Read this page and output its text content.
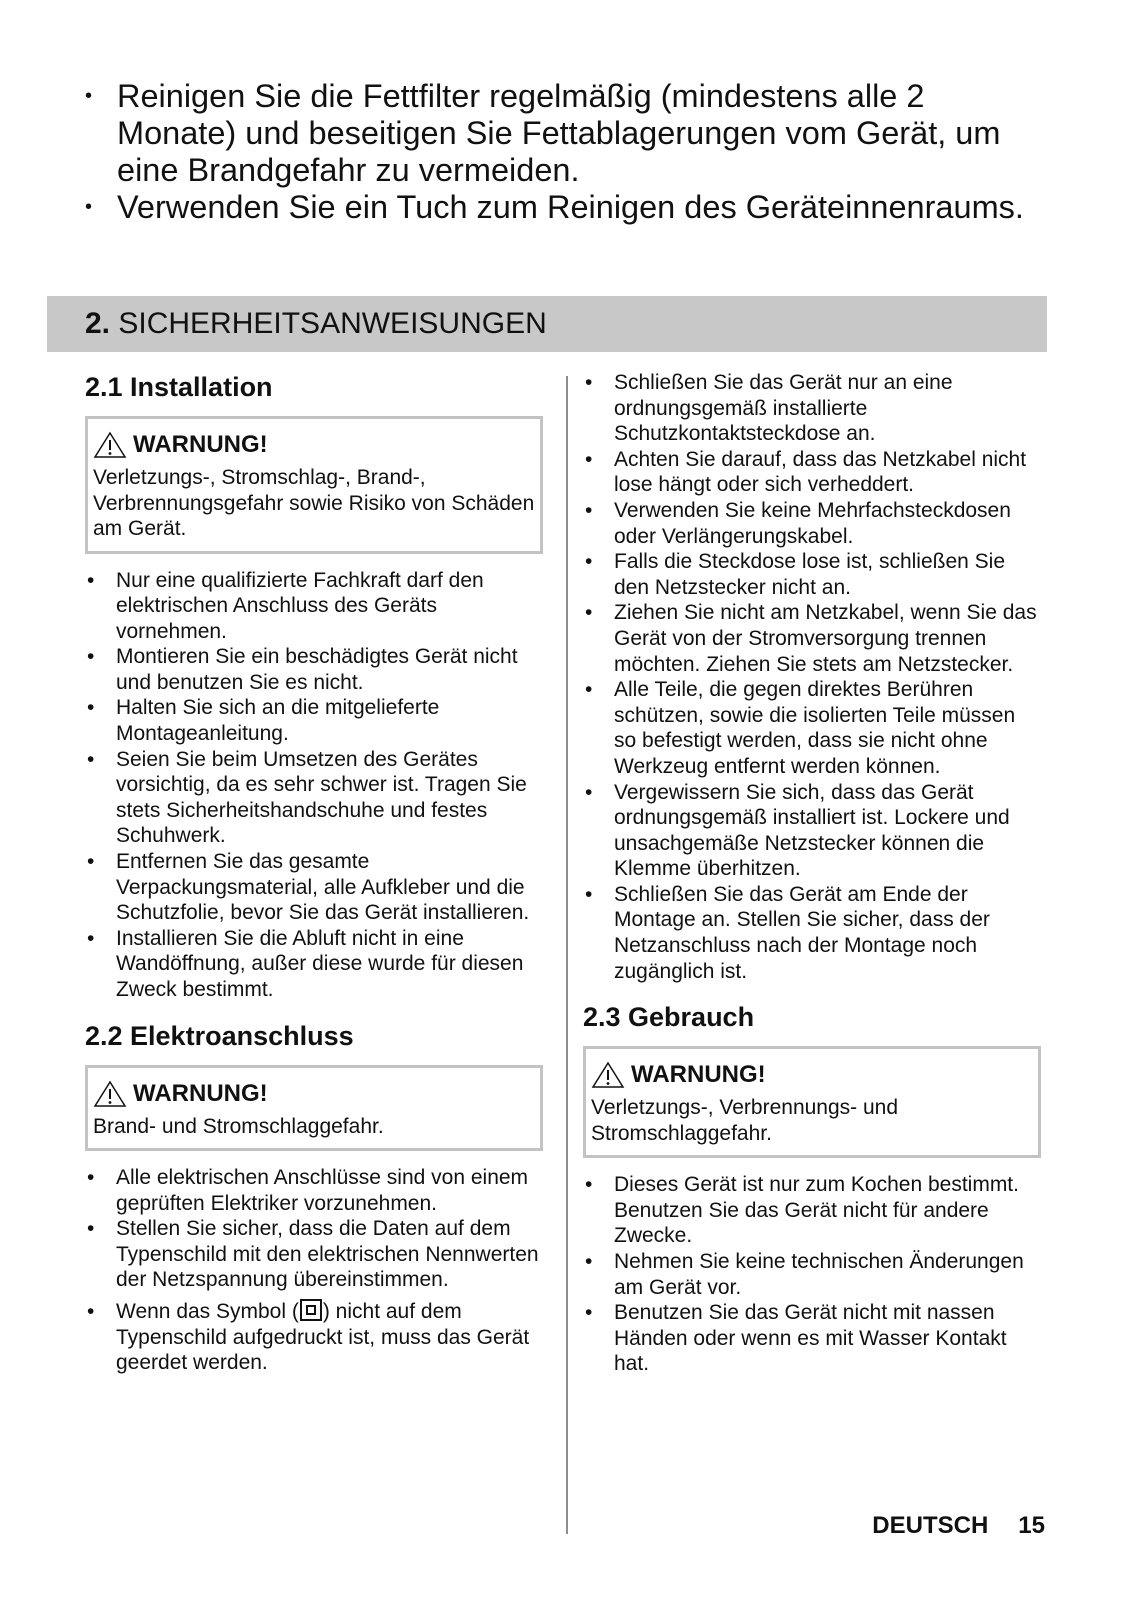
• Reinigen Sie die Fettfilter regelmäßig (mindestens alle 2 Monate) und beseitigen Sie Fettablagerungen vom Gerät, um eine Brandgefahr zu vermeiden.
• Verwenden Sie ein Tuch zum Reinigen des Geräteinnenraums.
2. SICHERHEITSANWEISUNGEN
2.1 Installation
WARNUNG!
Verletzungs-, Stromschlag-, Brand-, Verbrennungsgefahr sowie Risiko von Schäden am Gerät.
• Nur eine qualifizierte Fachkraft darf den elektrischen Anschluss des Geräts vornehmen.
• Montieren Sie ein beschädigtes Gerät nicht und benutzen Sie es nicht.
• Halten Sie sich an die mitgelieferte Montageanleitung.
• Seien Sie beim Umsetzen des Gerätes vorsichtig, da es sehr schwer ist. Tragen Sie stets Sicherheitshandschuhe und festes Schuhwerk.
• Entfernen Sie das gesamte Verpackungsmaterial, alle Aufkleber und die Schutzfolie, bevor Sie das Gerät installieren.
• Installieren Sie die Abluft nicht in eine Wandöffnung, außer diese wurde für diesen Zweck bestimmt.
2.2 Elektroanschluss
WARNUNG!
Brand- und Stromschlaggefahr.
• Alle elektrischen Anschlüsse sind von einem geprüften Elektriker vorzunehmen.
• Stellen Sie sicher, dass die Daten auf dem Typenschild mit den elektrischen Nennwerten der Netzspannung übereinstimmen.
• Wenn das Symbol ( ) nicht auf dem Typenschild aufgedruckt ist, muss das Gerät geerdet werden.
• Schließen Sie das Gerät nur an eine ordnungsgemäß installierte Schutzkontaktsteckdose an.
• Achten Sie darauf, dass das Netzkabel nicht lose hängt oder sich verheddert.
• Verwenden Sie keine Mehrfachsteckdosen oder Verlängerungskabel.
• Falls die Steckdose lose ist, schließen Sie den Netzstecker nicht an.
• Ziehen Sie nicht am Netzkabel, wenn Sie das Gerät von der Stromversorgung trennen möchten. Ziehen Sie stets am Netzstecker.
• Alle Teile, die gegen direktes Berühren schützen, sowie die isolierten Teile müssen so befestigt werden, dass sie nicht ohne Werkzeug entfernt werden können.
• Vergewissern Sie sich, dass das Gerät ordnungsgemäß installiert ist. Lockere und unsachgemäße Netzstecker können die Klemme überhitzen.
• Schließen Sie das Gerät am Ende der Montage an. Stellen Sie sicher, dass der Netzanschluss nach der Montage noch zugänglich ist.
2.3 Gebrauch
WARNUNG!
Verletzungs-, Verbrennungs- und Stromschlaggefahr.
• Dieses Gerät ist nur zum Kochen bestimmt. Benutzen Sie das Gerät nicht für andere Zwecke.
• Nehmen Sie keine technischen Änderungen am Gerät vor.
• Benutzen Sie das Gerät nicht mit nassen Händen oder wenn es mit Wasser Kontakt hat.
DEUTSCH 15
